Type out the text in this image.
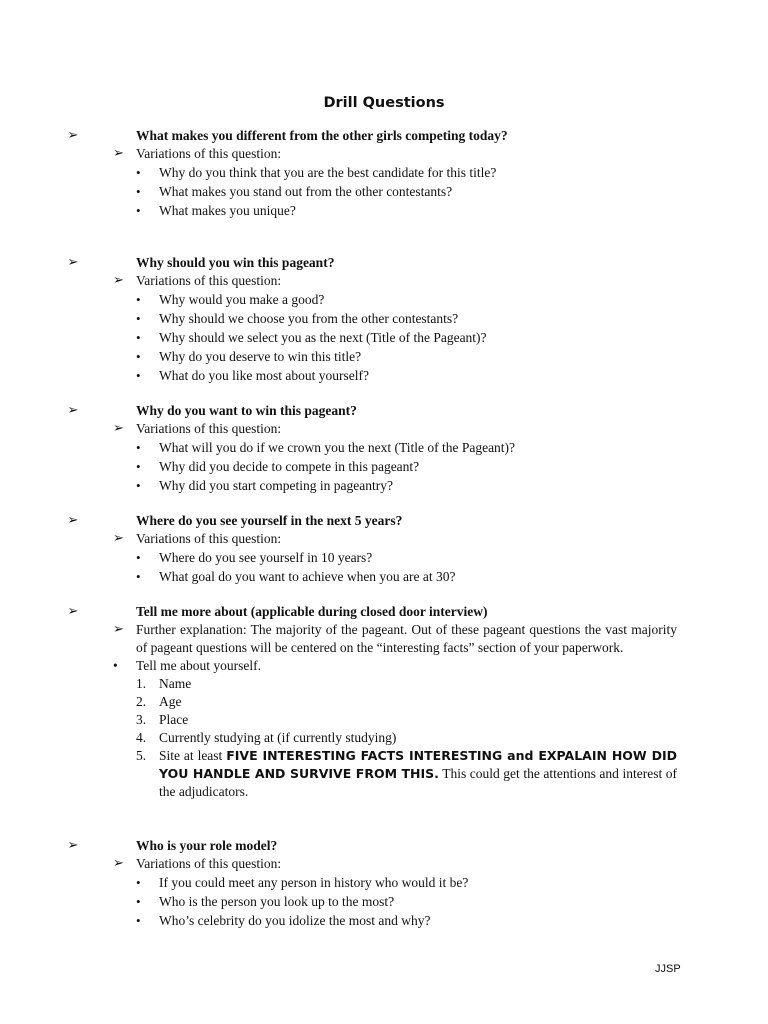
Drill Questions
➢	What makes you different from the other girls competing today?
➢ Variations of this question:
• Why do you think that you are the best candidate for this title?
• What makes you stand out from the other contestants?
• What makes you unique?
➢	Why should you win this pageant?
➢ Variations of this question:
• Why would you make a good?
• Why should we choose you from the other contestants?
• Why should we select you as the next (Title of the Pageant)?
• Why do you deserve to win this title?
• What do you like most about yourself?
➢	Why do you want to win this pageant?
➢ Variations of this question:
• What will you do if we crown you the next (Title of the Pageant)?
• Why did you decide to compete in this pageant?
• Why did you start competing in pageantry?
➢	Where do you see yourself in the next 5 years?
➢ Variations of this question:
• Where do you see yourself in 10 years?
• What goal do you want to achieve when you are at 30?
➢	Tell me more about (applicable during closed door interview)
➢ Further explanation: The majority of the pageant. Out of these pageant questions the vast majority of pageant questions will be centered on the “interesting facts” section of your paperwork.
• Tell me about yourself.
1. Name
2. Age
3. Place
4. Currently studying at (if currently studying)
5. Site at least FIVE INTERESTING FACTS INTERESTING and EXPALAIN HOW DID YOU HANDLE AND SURVIVE FROM THIS. This could get the attentions and interest of the adjudicators.
➢	Who is your role model?
➢ Variations of this question:
• If you could meet any person in history who would it be?
• Who is the person you look up to the most?
• Who’s celebrity do you idolize the most and why?
JJSP
